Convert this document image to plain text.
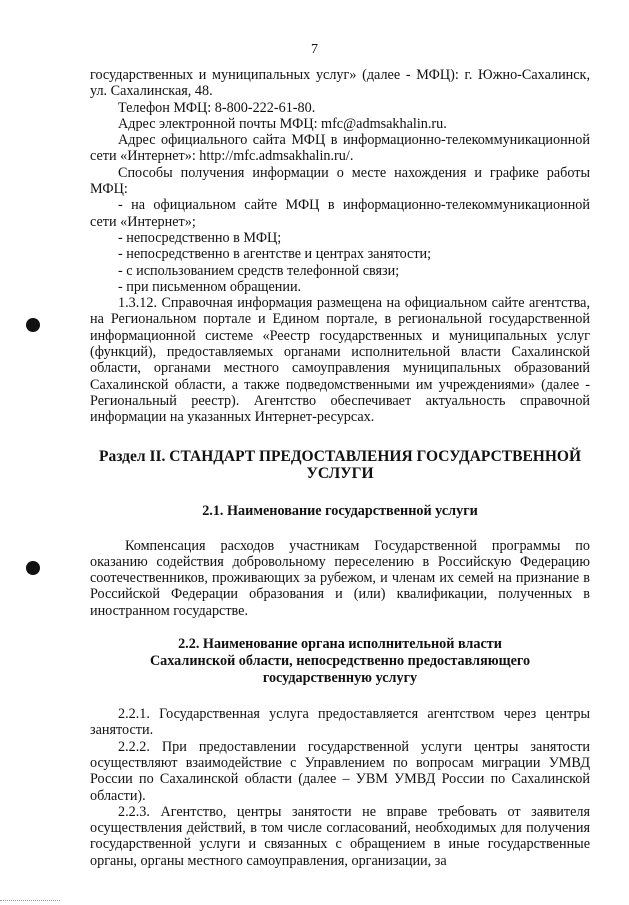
7

государственных и муниципальных услуг» (далее - МФЦ): г. Южно-Сахалинск, ул. Сахалинская, 48.

Телефон МФЦ: 8-800-222-61-80.

Адрес электронной почты МФЦ: mfc@admsakhalin.ru.

Адрес официального сайта МФЦ в информационно-телекоммуникационной сети «Интернет»: http://mfc.admsakhalin.ru/.

Способы получения информации о месте нахождения и графике работы МФЦ:

- на официальном сайте МФЦ в информационно-телекоммуникационной сети «Интернет»;

- непосредственно в МФЦ;

- непосредственно в агентстве и центрах занятости;

- с использованием средств телефонной связи;

- при письменном обращении.

1.3.12. Справочная информация размещена на официальном сайте агентства, на Региональном портале и Едином портале, в региональной государственной информационной системе «Реестр государственных и муниципальных услуг (функций), предоставляемых органами исполнительной власти Сахалинской области, органами местного самоуправления муниципальных образований Сахалинской области, а также подведомственными им учреждениями» (далее - Региональный реестр). Агентство обеспечивает актуальность справочной информации на указанных Интернет-ресурсах.

Раздел II. СТАНДАРТ ПРЕДОСТАВЛЕНИЯ ГОСУДАРСТВЕННОЙ УСЛУГИ
2.1. Наименование государственной услуги

Компенсация расходов участникам Государственной программы по оказанию содействия добровольному переселению в Российскую Федерацию соотечественников, проживающих за рубежом, и членам их семей на признание в Российской Федерации образования и (или) квалификации, полученных в иностранном государстве.

2.2. Наименование органа исполнительной власти
Сахалинской области, непосредственно предоставляющего
государственную услугу

2.2.1. Государственная услуга предоставляется агентством через центры занятости.

2.2.2. При предоставлении государственной услуги центры занятости осуществляют взаимодействие с Управлением по вопросам миграции УМВД России по Сахалинской области (далее – УВМ УМВД России по Сахалинской области).

2.2.3. Агентство, центры занятости не вправе требовать от заявителя осуществления действий, в том числе согласований, необходимых для получения государственной услуги и связанных с обращением в иные государственные органы, органы местного самоуправления, организации, за
